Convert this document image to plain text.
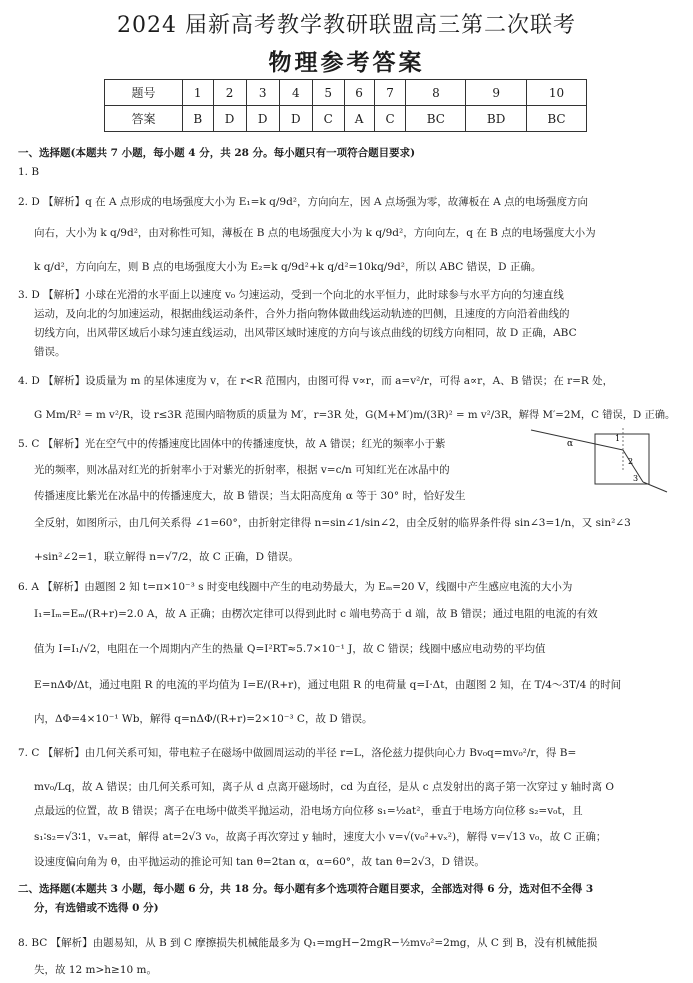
2024 届新高考教学教研联盟高三第二次联考
物理参考答案
题号	1	2	3	4	5	6	7	8	9	10
答案	B	D	D	D	C	A	C	BC	BD	BC
一、选择题(本题共 7 小题，每小题 4 分，共 28 分。每小题只有一项符合题目要求)
1. B
2. D 【解析】q 在 A 点形成的电场强度大小为 E₁=k q/9d²，方向向左，因 A 点场强为零，故薄板在 A 点的电场强度方向
向右，大小为 k q/9d²，由对称性可知，薄板在 B 点的电场强度大小为 k q/9d²，方向向左，q 在 B 点的电场强度大小为
k q/d²，方向向左，则 B 点的电场强度大小为 E₂=k q/9d²+k q/d²=10kq/9d²，所以 ABC 错误，D 正确。
3. D 【解析】小球在光滑的水平面上以速度 v₀ 匀速运动，受到一个向北的水平恒力，此时球参与水平方向的匀速直线
运动，及向北的匀加速运动，根据曲线运动条件，合外力指向物体做曲线运动轨迹的凹侧，且速度的方向沿着曲线的
切线方向，出风带区域后小球匀速直线运动，出风带区域时速度的方向与该点曲线的切线方向相同，故 D 正确，ABC
错误。
4. D 【解析】设质量为 m 的星体速度为 v，在 r<R 范围内，由图可得 v∝r，而 a=v²/r，可得 a∝r，A、B 错误；在 r=R 处，
G Mm/R² = m v²/R，设 r≤3R 范围内暗物质的质量为 M′，r=3R 处，G(M+M′)m/(3R)² = m v²/3R，解得 M′=2M，C 错误，D 正确。
5. C 【解析】光在空气中的传播速度比固体中的传播速度快，故 A 错误；红光的频率小于紫
光的频率，则冰晶对红光的折射率小于对紫光的折射率，根据 v=c/n 可知红光在冰晶中的
传播速度比紫光在冰晶中的传播速度大，故 B 错误；当太阳高度角 α 等于 30° 时，恰好发生
全反射，如图所示，由几何关系得 ∠1=60°，由折射定律得 n=sin∠1/sin∠2，由全反射的临界条件得 sin∠3=1/n，又 sin²∠3
+sin²∠2=1，联立解得 n=√7/2，故 C 正确，D 错误。
6. A 【解析】由题图 2 知 t=π×10⁻³ s 时变电线圈中产生的电动势最大，为 Eₘ=20 V，线圈中产生感应电流的大小为
I₁=Iₘ=Eₘ/(R+r)=2.0 A，故 A 正确；由楞次定律可以得到此时 c 端电势高于 d 端，故 B 错误；通过电阻的电流的有效
值为 I=I₁/√2，电阻在一个周期内产生的热量 Q=I²RT≈5.7×10⁻¹ J，故 C 错误；线圈中感应电动势的平均值
E=nΔΦ/Δt，通过电阻 R 的电流的平均值为 I=E/(R+r)，通过电阻 R 的电荷量 q=I·Δt，由题图 2 知，在 T/4～3T/4 的时间
内，ΔΦ=4×10⁻¹ Wb，解得 q=nΔΦ/(R+r)=2×10⁻³ C，故 D 错误。
7. C 【解析】由几何关系可知，带电粒子在磁场中做圆周运动的半径 r=L，洛伦兹力提供向心力 Bv₀q=mv₀²/r，得 B=
mv₀/Lq，故 A 错误；由几何关系可知，离子从 d 点离开磁场时，cd 为直径，是从 c 点发射出的离子第一次穿过 y 轴时离 O
点最远的位置，故 B 错误；离子在电场中做类平抛运动，沿电场方向位移 s₁=½at²，垂直于电场方向位移 s₂=v₀t，且
s₁∶s₂=√3∶1，vₓ=at，解得 at=2√3 v₀，故离子再次穿过 y 轴时，速度大小 v=√(v₀²+vₓ²)，解得 v=√13 v₀，故 C 正确；
设速度偏向角为 θ，由平抛运动的推论可知 tan θ=2tan α，α=60°，故 tan θ=2√3，D 错误。
二、选择题(本题共 3 小题，每小题 6 分，共 18 分。每小题有多个选项符合题目要求，全部选对得 6 分，选对但不全得 3
分，有选错或不选得 0 分)
8. BC 【解析】由题易知，从 B 到 C 摩擦损失机械能最多为 Q₁=mgH−2mgR−½mv₀²=2mg，从 C 到 B，没有机械能损
失，故 12 m>h≥10 m。
α
1
2
3
